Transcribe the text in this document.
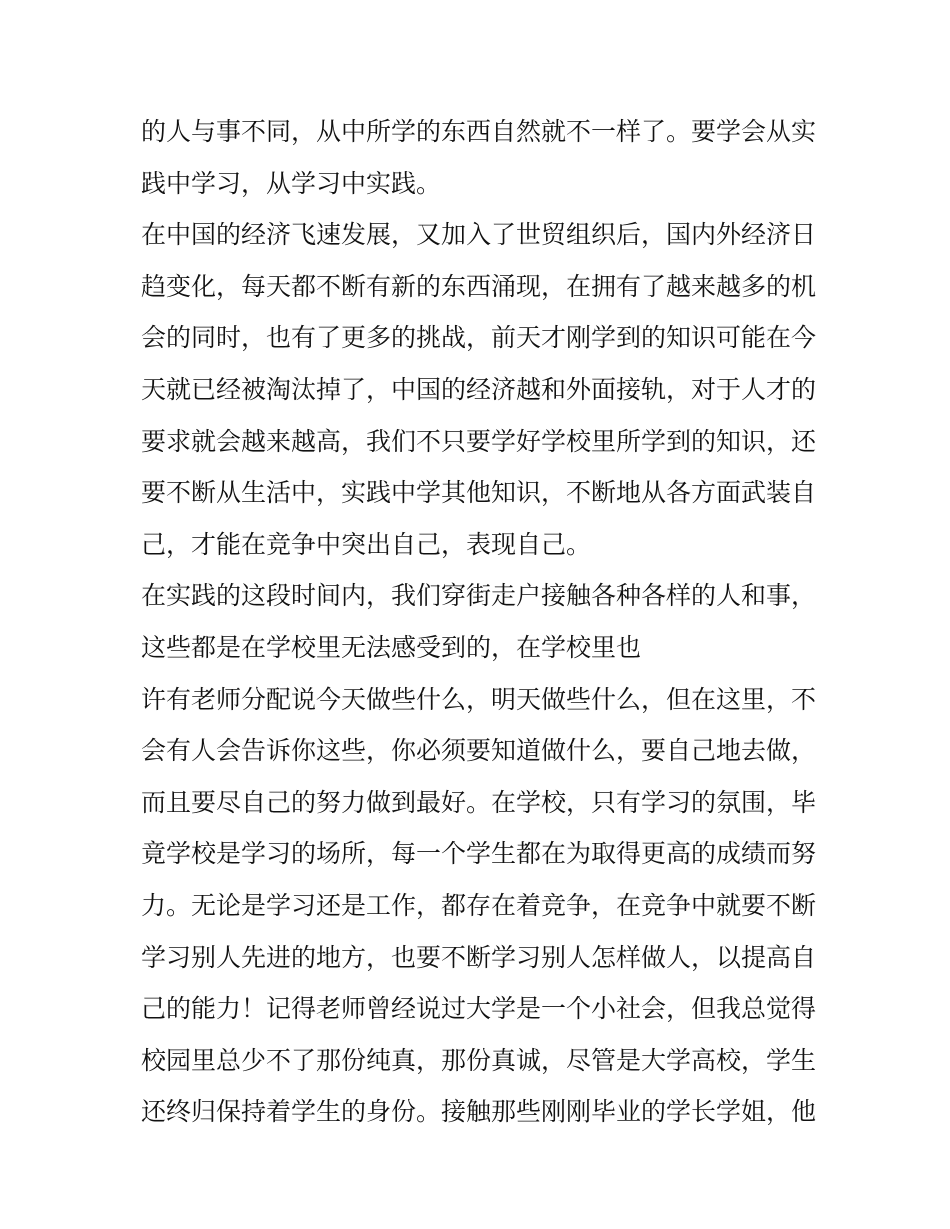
的人与事不同，从中所学的东西自然就不一样了。要学会从实
践中学习，从学习中实践。
在中国的经济飞速发展，又加入了世贸组织后，国内外经济日
趋变化，每天都不断有新的东西涌现，在拥有了越来越多的机
会的同时，也有了更多的挑战，前天才刚学到的知识可能在今
天就已经被淘汰掉了，中国的经济越和外面接轨，对于人才的
要求就会越来越高，我们不只要学好学校里所学到的知识，还
要不断从生活中，实践中学其他知识，不断地从各方面武装自
己，才能在竞争中突出自己，表现自己。
在实践的这段时间内，我们穿街走户接触各种各样的人和事，
这些都是在学校里无法感受到的，在学校里也
许有老师分配说今天做些什么，明天做些什么，但在这里，不
会有人会告诉你这些，你必须要知道做什么，要自己地去做，
而且要尽自己的努力做到最好。在学校，只有学习的氛围，毕
竟学校是学习的场所，每一个学生都在为取得更高的成绩而努
力。无论是学习还是工作，都存在着竞争，在竞争中就要不断
学习别人先进的地方，也要不断学习别人怎样做人，以提高自
己的能力！记得老师曾经说过大学是一个小社会，但我总觉得
校园里总少不了那份纯真，那份真诚，尽管是大学高校，学生
还终归保持着学生的身份。接触那些刚刚毕业的学长学姐，他
